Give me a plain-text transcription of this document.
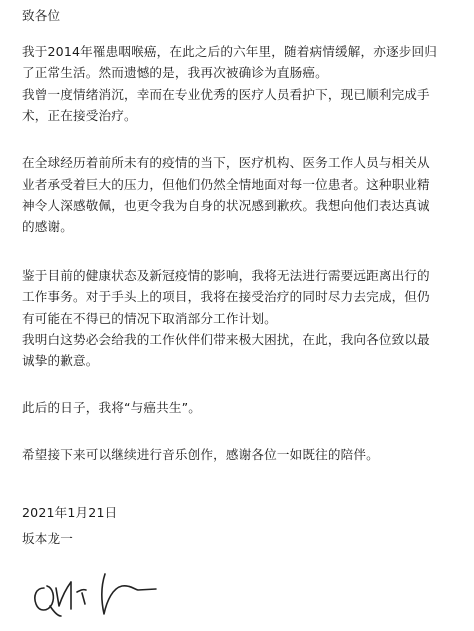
致各位
我于2014年罹患咽喉癌，在此之后的六年里，随着病情缓解，亦逐步回归
了正常生活。然而遗憾的是，我再次被确诊为直肠癌。
我曾一度情绪消沉，幸而在专业优秀的医疗人员看护下，现已顺利完成手
术，正在接受治疗。
在全球经历着前所未有的疫情的当下，医疗机构、医务工作人员与相关从
业者承受着巨大的压力，但他们仍然全情地面对每一位患者。这种职业精
神令人深感敬佩，也更令我为自身的状况感到歉疚。我想向他们表达真诚
的感谢。
鉴于目前的健康状态及新冠疫情的影响，我将无法进行需要远距离出行的
工作事务。对于手头上的项目，我将在接受治疗的同时尽力去完成，但仍
有可能在不得已的情况下取消部分工作计划。
我明白这势必会给我的工作伙伴们带来极大困扰，在此，我向各位致以最
诚挚的歉意。
此后的日子，我将“与癌共生”。
希望接下来可以继续进行音乐创作，感谢各位一如既往的陪伴。
2021年1月21日
坂本龙一
